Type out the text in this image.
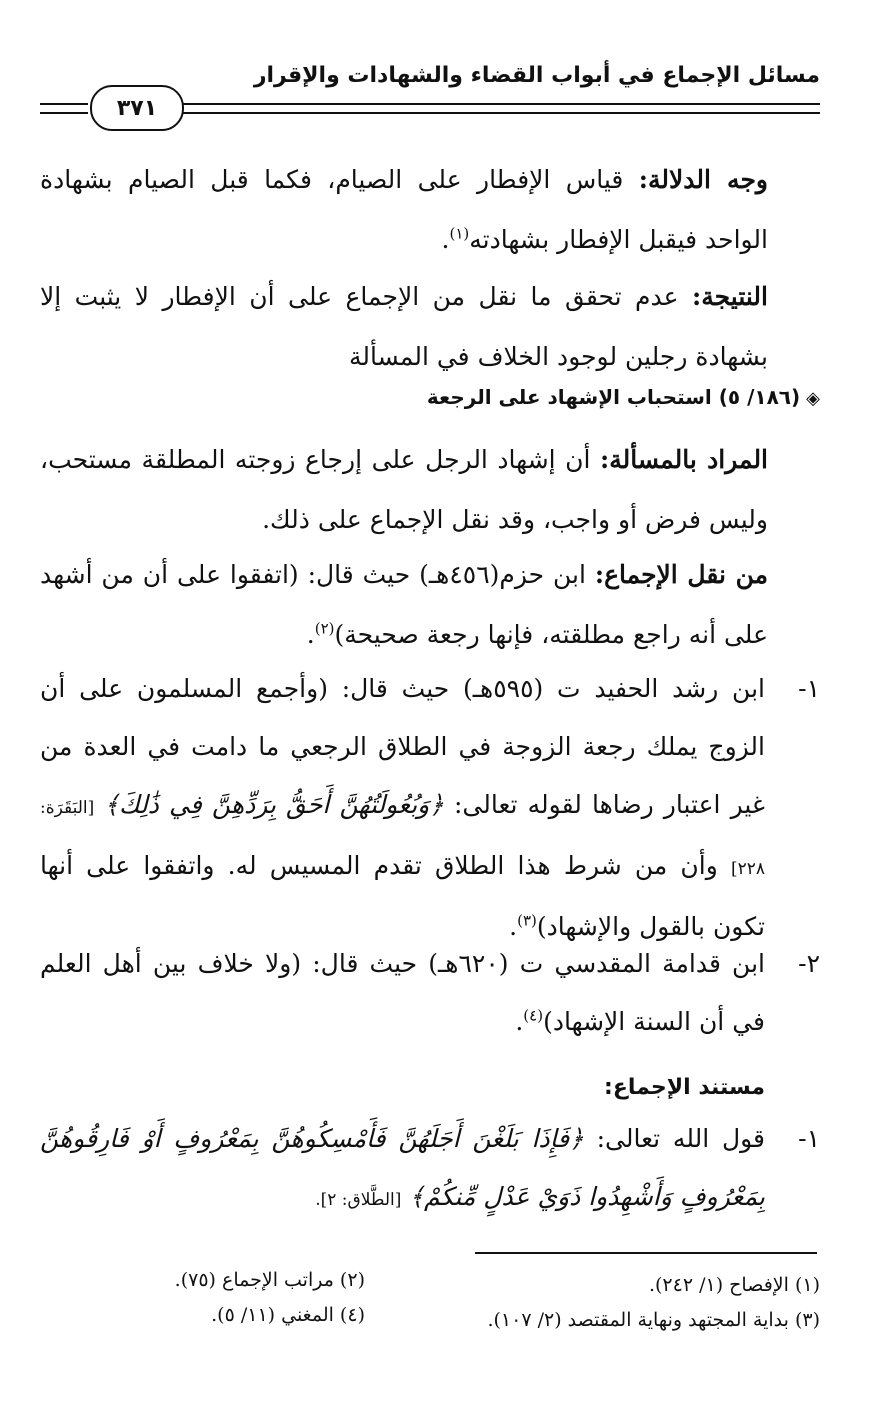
مسائل الإجماع في أبواب القضاء والشهادات والإقرار
٣٧١
وجه الدلالة: قياس الإفطار على الصيام، فكما قبل الصيام بشهادة الواحد فيقبل الإفطار بشهادته$^{(١)}$.
النتيجة: عدم تحقق ما نقل من الإجماع على أن الإفطار لا يثبت إلا بشهادة رجلين لوجود الخلاف في المسألة
◈(١٨٦/ ٥) استحباب الإشهاد على الرجعة
المراد بالمسألة: أن إشهاد الرجل على إرجاع زوجته المطلقة مستحب، وليس فرض أو واجب، وقد نقل الإجماع على ذلك.
من نقل الإجماع: ابن حزم(٤٥٦هـ) حيث قال: (اتفقوا على أن من أشهد على أنه راجع مطلقته، فإنها رجعة صحيحة)$^{(٢)}$.
١-
ابن رشد الحفيد ت (٥٩٥هـ) حيث قال: (وأجمع المسلمون على أن الزوج يملك رجعة الزوجة في الطلاق الرجعي ما دامت في العدة من غير اعتبار رضاها لقوله تعالى: ﴿وَبُعُولَتُهُنَّ أَحَقُّ بِرَدِّهِنَّ فِي ذَٰلِكَ﴾ [البَقَرَة: ٢٢٨] وأن من شرط هذا الطلاق تقدم المسيس له. واتفقوا على أنها تكون بالقول والإشهاد)$^{(٣)}$.
٢-
ابن قدامة المقدسي ت (٦٢٠هـ) حيث قال: (ولا خلاف بين أهل العلم في أن السنة الإشهاد)$^{(٤)}$.
مستند الإجماع:
١-
قول الله تعالى: ﴿فَإِذَا بَلَغْنَ أَجَلَهُنَّ فَأَمْسِكُوهُنَّ بِمَعْرُوفٍ أَوْ فَارِقُوهُنَّ بِمَعْرُوفٍ وَأَشْهِدُوا ذَوَيْ عَدْلٍ مِّنكُمْ﴾ [الطَّلاق: ٢].
(١) الإفصاح (١/ ٢٤٢).
(٢) مراتب الإجماع (٧٥).
(٣) بداية المجتهد ونهاية المقتصد (٢/ ١٠٧).
(٤) المغني (١١/ ٥).
